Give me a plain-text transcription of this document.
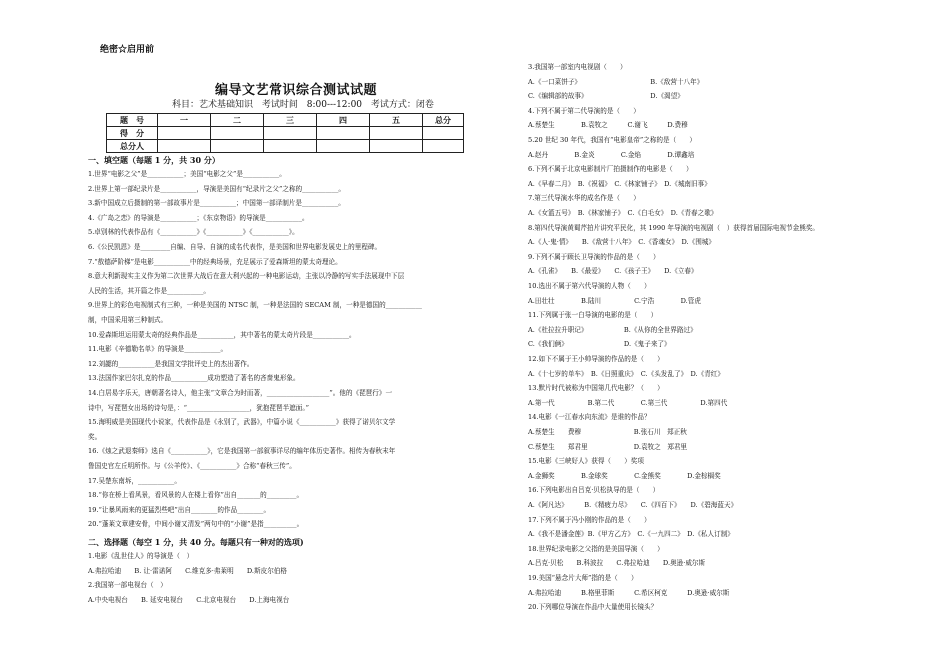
绝密☆启用前
编导文艺常识综合测试试题
科目：艺术基础知识 考试时间 8:00---12:00 考试方式：闭卷
题　号	一	二	三	四	五	总分
得　分						
总分人						
一、填空题（每题 1 分，共 30 分）
1.世界“电影之父”是___________；美国“电影之父”是___________。
2.世界上第一部纪录片是___________，导演是美国有“纪录片之父”之称的___________。
3.新中国成立后摄制的第一部故事片是___________；中国第一部译制片是___________。
4.《广岛之恋》的导演是___________；《东京物语》的导演是___________。
5.卓别林的代表作品有《___________》《___________》《___________》。
6.《公民凯恩》是_________自编、自导、自演的成名代表作，是美国和世界电影发展史上的里程碑。
7.“敖德萨阶梯”是电影___________中的经典场景，充足展示了爱森斯坦的蒙太奇理论。
8.意大利新现实主义作为第二次世界大战后在意大利兴起的一种电影运动，主张以冷静的写实手法展现中下层
人民的生活，其开篇之作是___________。
9.世界上的彩色电视制式有三种，一种是美国的 NTSC 制，一种是法国的 SECAM 制，一种是德国的___________
制，中国采用第三种制式。
10.爱森斯坦运用蒙太奇的经典作品是___________，其中著名的蒙太奇片段是___________。
11.电影《辛德勒名单》的导演是___________。
12.刘勰的___________是我国文学批评史上的杰出著作。
13.法国作家巴尔扎克的作品___________成功塑造了著名的吝啬鬼形象。
14.白居易字乐天，唐朝著名诗人，他主张“文章合为时而著，___________________”。他的《琵琶行》一
诗中，写琵琶女出场的诗句是，：“___________________，犹抱琵琶半遮面。”
15.海明威是美国现代小说家，代表作品是《永别了，武器》，中篇小说《___________》获得了诺贝尔文学
奖。
16.《烛之武退秦师》选自《___________》，它是我国第一部叙事详尽的编年体历史著作。相传为春秋末年
鲁国史官左丘明所作。与《公羊传》、《___________》合称“春秋三传”。
17.吴楚东南坼，___________。
18.“你在桥上看风景，看风景的人在楼上看你”出自_______的_________。
19.“让暴风雨来的更猛烈些吧”出自________的作品________。
20.“蓬莱文章建安骨，中间小谢又清发”两句中的“小谢”是指__________。
二、选择题（每空 1 分，共 40 分。每题只有一种对的选项)
1.电影《乱世佳人》的导演是（　）
A.弗拉哈迪　　B. 让·雷诺阿　　C.维克多·弗莱明　　D.斯皮尔伯格
2.我国第一部电视台（　）
A.中央电视台　　B. 延安电视台　　C.北京电视台　　D.上海电视台
3.我国第一部室内电视剧（　　）
A.《一口菜饼子》　　　　　　　　　　　B.《敌营十八年》
C.《编辑部的故事》　　　　　　　　　　D.《渴望》
4.下列不属于第二代导演的是（　　）
A.蔡楚生　　　　B.袁牧之　　　C.谢飞　　　D.费穆
5.20 世纪 30 年代，我国有“电影皇帝”之称的是（　　）
A.赵丹　　　　B.金炎　　　　C.金焰　　　　D.谭鑫培
6.下列不属于北京电影制片厂拍摄制作的电影是（　　）
A.《早春二月》　B.《祝福》　C.《林家铺子》　D.《城南旧事》
7.第三代导演水华的成名作是（　　）
A.《女篮五号》　B.《林家铺子》　C.《白毛女》　D.《青春之歌》
8.第四代导演黄蜀芹拍片讲究平民化，其 1990 年导演的电视剧（　）获得首届国际电视节金熊奖。
A.《人·鬼·情》　　B.《敌营十八年》　C.《香魂女》　D.《围城》
9.下列不属于顾长卫导演的作品的是（　　）
A.《孔雀》　　B.《最爱》　　C.《孩子王》　　D.《立春》
10.选出不属于第六代导演的人物（　　）
A.田壮壮　　　　B.陆川　　　　　C.宁浩　　　　D.管虎
11.下列属于张一白导演的电影的是（　　）
A.《杜拉拉升职记》　　　　　　B.《从你的全世界路过》
C.《我们俩》　　　　　　　　　D.《鬼子来了》
12.如下不属于王小帅导演的作品的是（　　）
A.《十七岁的单车》　B.《日照重庆》　C.《头发乱了》　D.《青红》
13.默片时代被称为中国第几代电影？（　　）
A.第一代　　　　　B.第二代　　　　C.第三代　　　　　D.第四代
14.电影《一江春水向东流》是谁的作品？
A.蔡楚生　　费穆　　　　　　　　B.张石川　郑正秋
C.蔡楚生　　郑君里　　　　　　　D.袁牧之　郑君里
15.电影《三峡好人》获得（　　）奖项
A.金狮奖　　　　B.金球奖　　　　C.金熊奖　　　　D.金棕榈奖
16.下列电影出自吕克·贝松执导的是（　　）
A.《阿凡达》　　　B.《精疲力尽》　　C.《四百下》　　D.《碧海蓝天》
17.下列不属于冯小刚的作品的是（　　）
A.《我不是潘金莲》B.《甲方乙方》　C.《一九四二》　D.《私人订制》
18.世界纪录电影之父指的是美国导演（　　）
A.吕克·贝松　　B.科波拉　　C.弗拉哈迪　　D.奥逊·威尔斯
19.美国“悬念片大师”指的是（　　）
A.弗拉哈迪　　　B.格里菲斯　　　C.希区柯克　　　D.奥逊·威尔斯
20.下列哪位导演在作品中大量使用长镜头？
